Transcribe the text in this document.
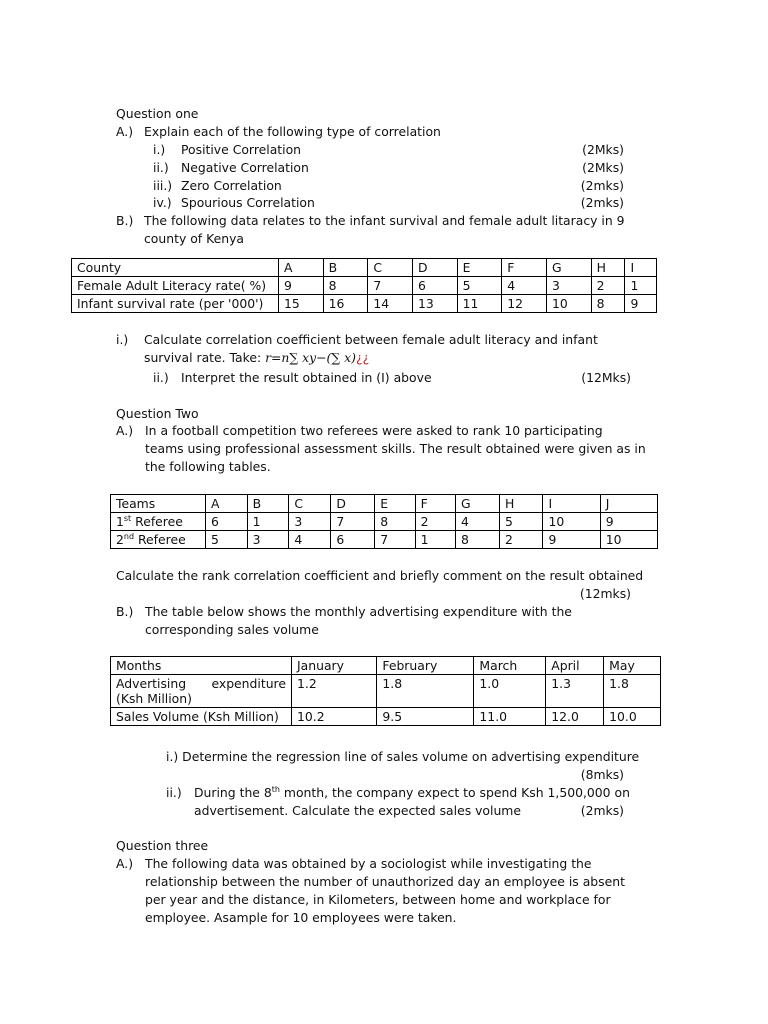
Question one
A.) Explain each of the following type of correlation
i.) Positive Correlation	(2Mks)
ii.) Negative Correlation	(2Mks)
iii.) Zero Correlation	(2mks)
iv.) Spourious Correlation	(2mks)
B.) The following data relates to the infant survival and female adult litaracy in 9
county of Kenya
County	A	B	C	D	E	F	G	H	I
Female Adult Literacy rate( %)	9	8	7	6	5	4	3	2	1
Infant survival rate (per '000')	15	16	14	13	11	12	10	8	9
i.) Calculate correlation coefficient between female adult literacy and infant
survival rate. Take: r=n∑ xy−(∑ x)¿¿
ii.) Interpret the result obtained in (I) above	(12Mks)
Question Two
A.) In a football competition two referees were asked to rank 10 participating
teams using professional assessment skills. The result obtained were given as in
the following tables.
Teams	A	B	C	D	E	F	G	H	I	J
1st Referee	6	1	3	7	8	2	4	5	10	9
2nd Referee	5	3	4	6	7	1	8	2	9	10
Calculate the rank correlation coefficient and briefly comment on the result obtained
(12mks)
B.) The table below shows the monthly advertising expenditure with the
corresponding sales volume
Months	January	February	March	April	May

Advertising expenditure
(Ksh Million)	1.2	1.8	1.0	1.3	1.8
Sales Volume (Ksh Million)	10.2	9.5	11.0	12.0	10.0
i.) Determine the regression line of sales volume on advertising expenditure
(8mks)
ii.) During the 8th month, the company expect to spend Ksh 1,500,000 on
advertisement. Calculate the expected sales volume	(2mks)
Question three
A.) The following data was obtained by a sociologist while investigating the
relationship between the number of unauthorized day an employee is absent
per year and the distance, in Kilometers, between home and workplace for
employee. Asample for 10 employees were taken.
